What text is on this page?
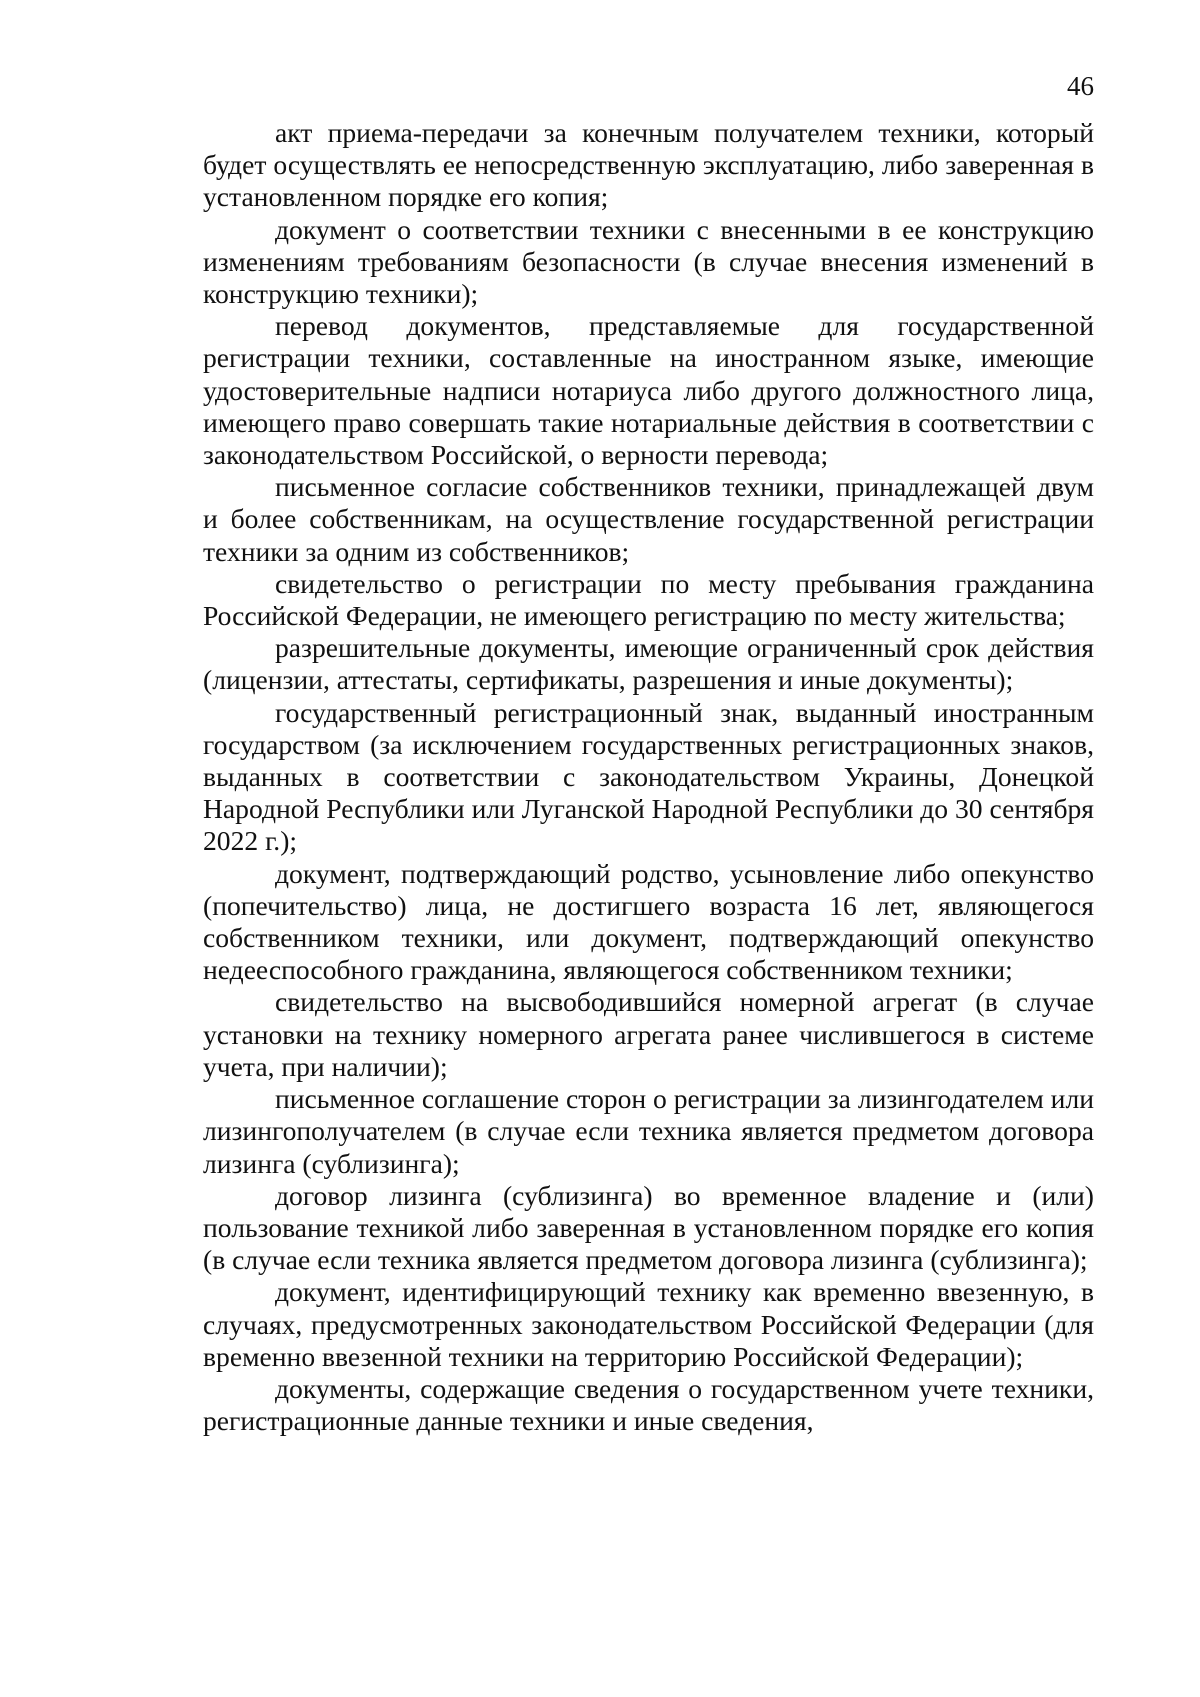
46

акт приема-передачи за конечным получателем техники, который будет осуществлять ее непосредственную эксплуатацию, либо заверенная в установленном порядке его копия;

документ о соответствии техники с внесенными в ее конструкцию изменениям требованиям безопасности (в случае внесения изменений в конструкцию техники);

перевод документов, представляемые для государственной регистрации техники, составленные на иностранном языке, имеющие удостоверительные надписи нотариуса либо другого должностного лица, имеющего право совершать такие нотариальные действия в соответствии с законодательством Российской, о верности перевода;

письменное согласие собственников техники, принадлежащей двум и более собственникам, на осуществление государственной регистрации техники за одним из собственников;

свидетельство о регистрации по месту пребывания гражданина Российской Федерации, не имеющего регистрацию по месту жительства;

разрешительные документы, имеющие ограниченный срок действия (лицензии, аттестаты, сертификаты, разрешения и иные документы);

государственный регистрационный знак, выданный иностранным государством (за исключением государственных регистрационных знаков, выданных в соответствии с законодательством Украины, Донецкой Народной Республики или Луганской Народной Республики до 30 сентября 2022 г.);

документ, подтверждающий родство, усыновление либо опекунство (попечительство) лица, не достигшего возраста 16 лет, являющегося собственником техники, или документ, подтверждающий опекунство недееспособного гражданина, являющегося собственником техники;

свидетельство на высвободившийся номерной агрегат (в случае установки на технику номерного агрегата ранее числившегося в системе учета, при наличии);

письменное соглашение сторон о регистрации за лизингодателем или лизингополучателем (в случае если техника является предметом договора лизинга (сублизинга);

договор лизинга (сублизинга) во временное владение и (или) пользование техникой либо заверенная в установленном порядке его копия (в случае если техника является предметом договора лизинга (сублизинга);

документ, идентифицирующий технику как временно ввезенную, в случаях, предусмотренных законодательством Российской Федерации (для временно ввезенной техники на территорию Российской Федерации);

документы, содержащие сведения о государственном учете техники, регистрационные данные техники и иные сведения,
